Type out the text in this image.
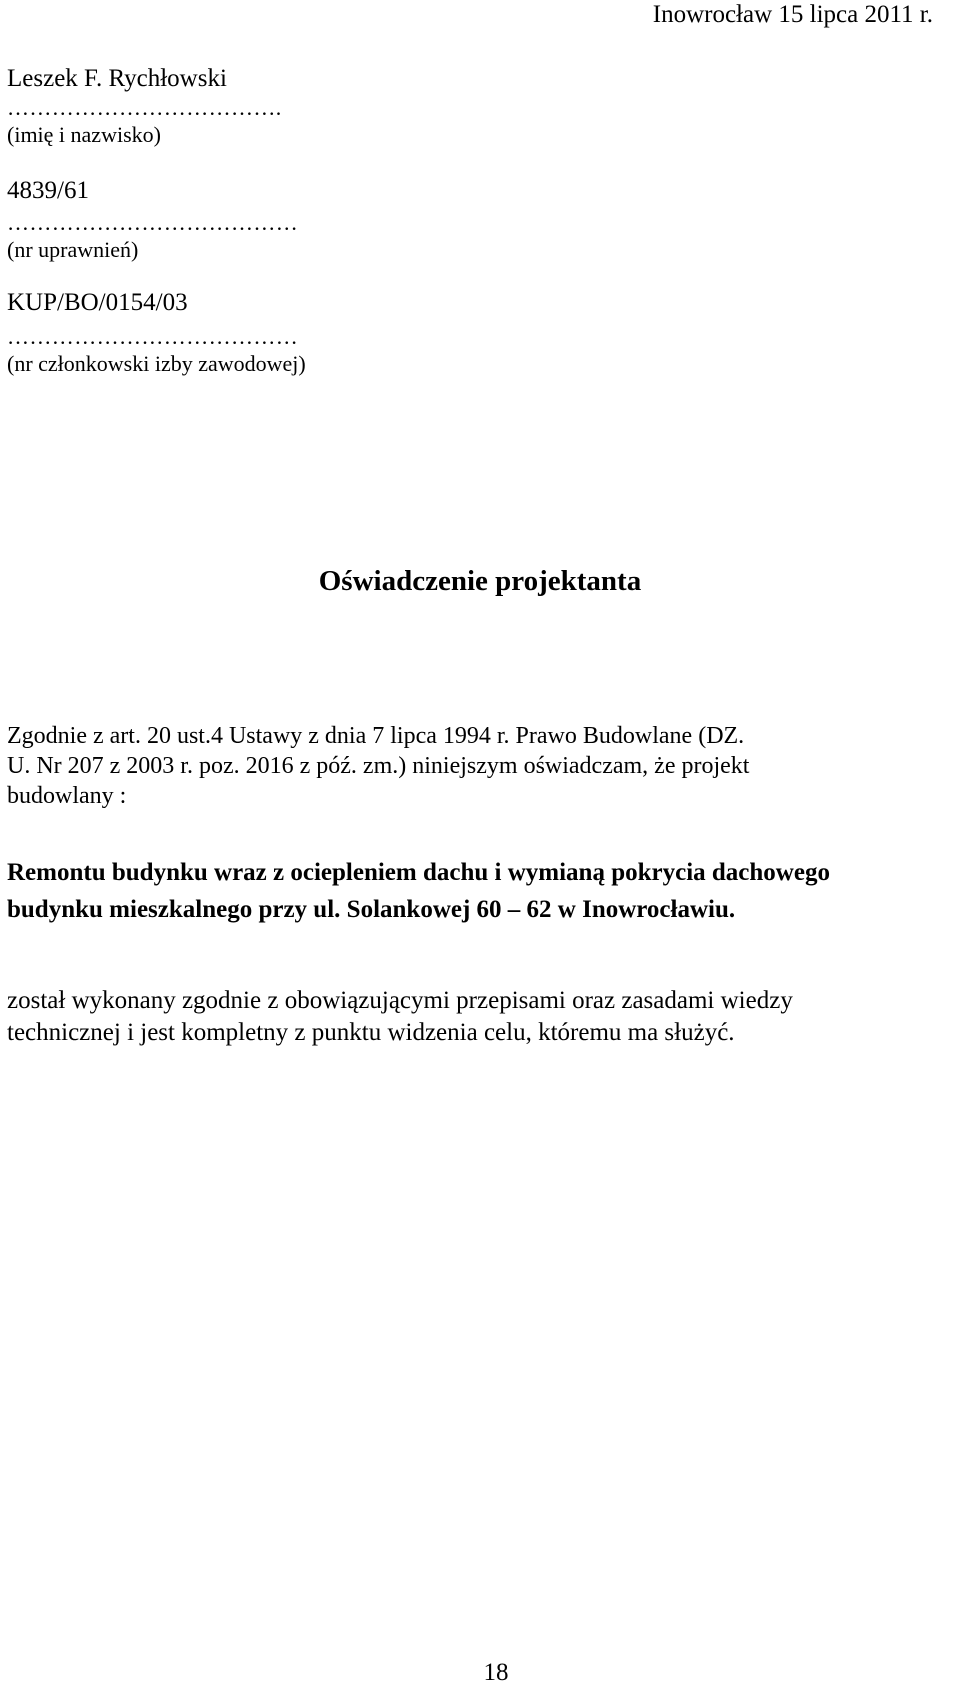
Inowrocław 15 lipca 2011 r.
Leszek F. Rychłowski
……………………………….
(imię i nazwisko)
4839/61
…………………………………
(nr uprawnień)
KUP/BO/0154/03
…………………………………
(nr członkowski izby zawodowej)
Oświadczenie projektanta
Zgodnie z art. 20 ust.4 Ustawy z dnia 7 lipca 1994 r. Prawo Budowlane (DZ.
U. Nr 207 z 2003 r. poz. 2016 z póź. zm.) niniejszym oświadczam, że projekt
budowlany :
Remontu budynku wraz z ociepleniem dachu i wymianą pokrycia dachowego
budynku mieszkalnego przy ul. Solankowej 60 – 62 w Inowrocławiu.
został wykonany zgodnie z obowiązującymi przepisami oraz zasadami wiedzy
technicznej i jest kompletny z punktu widzenia celu, któremu ma służyć.
18
